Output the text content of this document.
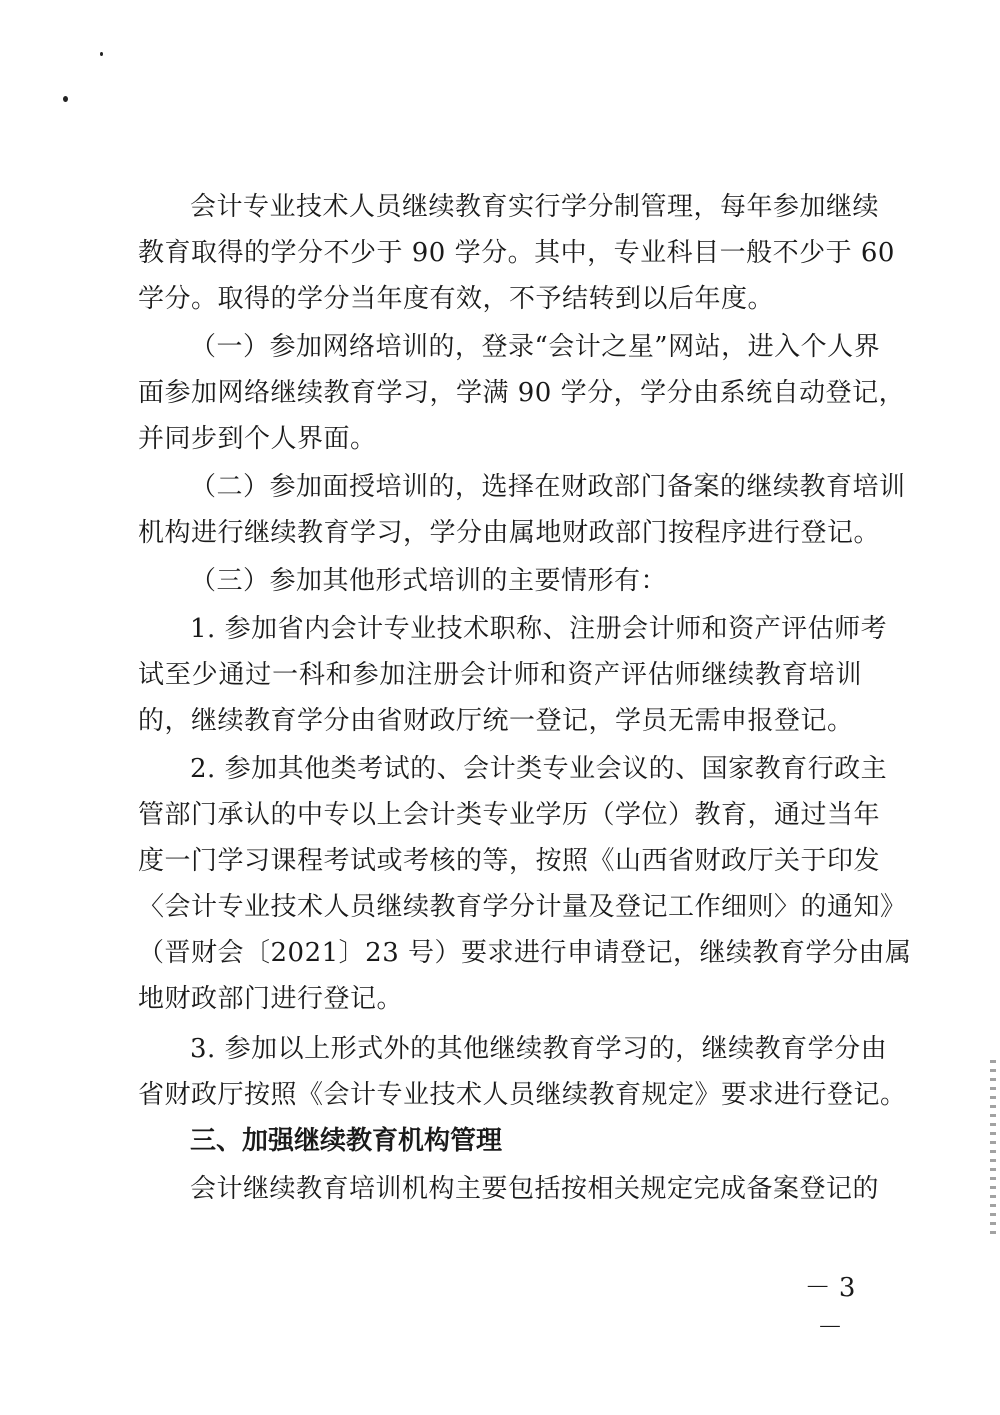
会计专业技术人员继续教育实行学分制管理，每年参加继续
教育取得的学分不少于 90 学分。其中，专业科目一般不少于 60
学分。取得的学分当年度有效，不予结转到以后年度。
（一）参加网络培训的，登录“会计之星”网站，进入个人界
面参加网络继续教育学习，学满 90 学分，学分由系统自动登记，
并同步到个人界面。
（二）参加面授培训的，选择在财政部门备案的继续教育培训
机构进行继续教育学习，学分由属地财政部门按程序进行登记。
（三）参加其他形式培训的主要情形有：
1. 参加省内会计专业技术职称、注册会计师和资产评估师考
试至少通过一科和参加注册会计师和资产评估师继续教育培训
的，继续教育学分由省财政厅统一登记，学员无需申报登记。
2. 参加其他类考试的、会计类专业会议的、国家教育行政主
管部门承认的中专以上会计类专业学历（学位）教育，通过当年
度一门学习课程考试或考核的等，按照《山西省财政厅关于印发
〈会计专业技术人员继续教育学分计量及登记工作细则〉的通知》
（晋财会〔2021〕23 号）要求进行申请登记，继续教育学分由属
地财政部门进行登记。
3. 参加以上形式外的其他继续教育学习的，继续教育学分由
省财政厅按照《会计专业技术人员继续教育规定》要求进行登记。
三、加强继续教育机构管理
会计继续教育培训机构主要包括按相关规定完成备案登记的
－ 3 －
